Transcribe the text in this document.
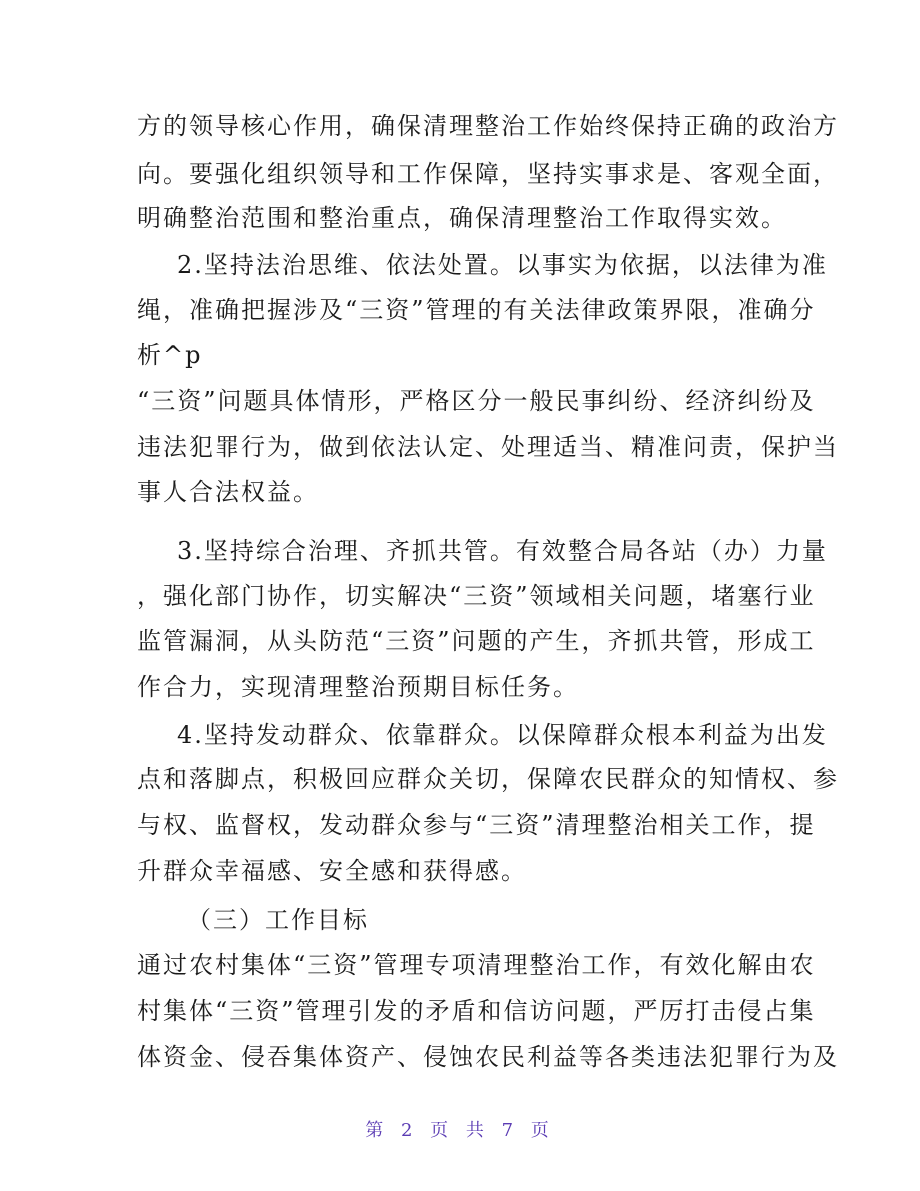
方的领导核心作用，确保清理整治工作始终保持正确的政治方
向。要强化组织领导和工作保障，坚持实事求是、客观全面，
明确整治范围和整治重点，确保清理整治工作取得实效。
2.坚持法治思维、依法处置。以事实为依据，以法律为准
绳，准确把握涉及“三资”管理的有关法律政策界限，准确分
析^p
“三资”问题具体情形，严格区分一般民事纠纷、经济纠纷及
违法犯罪行为，做到依法认定、处理适当、精准问责，保护当
事人合法权益。
3.坚持综合治理、齐抓共管。有效整合局各站（办）力量
，强化部门协作，切实解决“三资”领域相关问题，堵塞行业
监管漏洞，从头防范“三资”问题的产生，齐抓共管，形成工
作合力，实现清理整治预期目标任务。
4.坚持发动群众、依靠群众。以保障群众根本利益为出发
点和落脚点，积极回应群众关切，保障农民群众的知情权、参
与权、监督权，发动群众参与“三资”清理整治相关工作，提
升群众幸福感、安全感和获得感。
（三）工作目标
通过农村集体“三资”管理专项清理整治工作，有效化解由农
村集体“三资”管理引发的矛盾和信访问题，严厉打击侵占集
体资金、侵吞集体资产、侵蚀农民利益等各类违法犯罪行为及
第 2 页 共 7 页
